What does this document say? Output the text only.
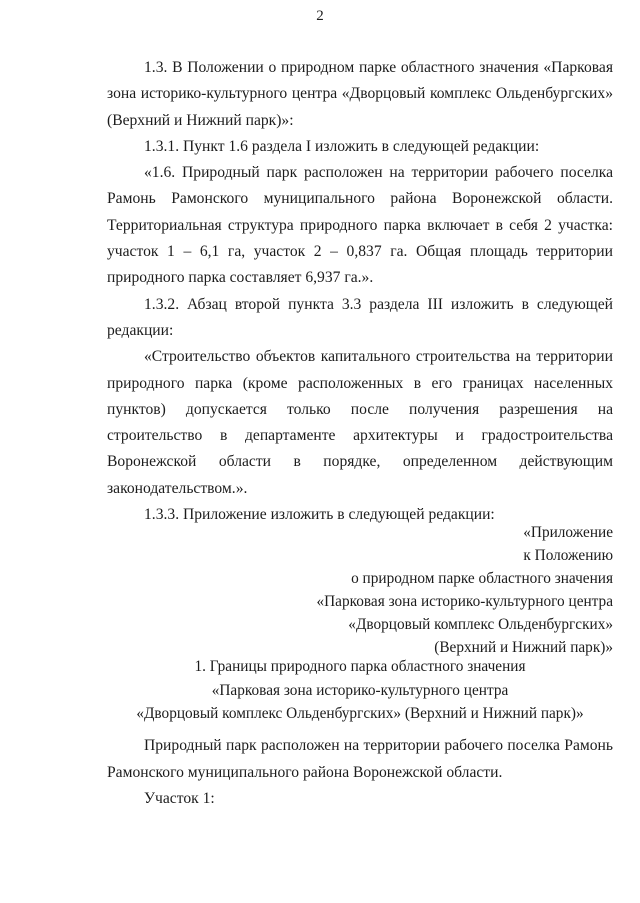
2

1.3. В Положении о природном парке областного значения «Парковая зона историко-культурного центра «Дворцовый комплекс Ольденбургских» (Верхний и Нижний парк)»:

1.3.1. Пункт 1.6 раздела I изложить в следующей редакции:

«1.6. Природный парк расположен на территории рабочего поселка Рамонь Рамонского муниципального района Воронежской области. Территориальная структура природного парка включает в себя 2 участка: участок 1 – 6,1 га, участок 2 – 0,837 га. Общая площадь территории природного парка составляет 6,937 га.».

1.3.2. Абзац второй пункта 3.3 раздела III изложить в следующей редакции:

«Строительство объектов капитального строительства на территории природного парка (кроме расположенных в его границах населенных пунктов) допускается только после получения разрешения на строительство в департаменте архитектуры и градостроительства Воронежской области в порядке, определенном действующим законодательством.».

1.3.3. Приложение изложить в следующей редакции:

«Приложение
к Положению
о природном парке областного значения
«Парковая зона историко-культурного центра
«Дворцовый комплекс Ольденбургских»
(Верхний и Нижний парк)»
1. Границы природного парка областного значения
«Парковая зона историко-культурного центра
«Дворцовый комплекс Ольденбургских» (Верхний и Нижний парк)»

Природный парк расположен на территории рабочего поселка Рамонь Рамонского муниципального района Воронежской области.

Участок 1:
